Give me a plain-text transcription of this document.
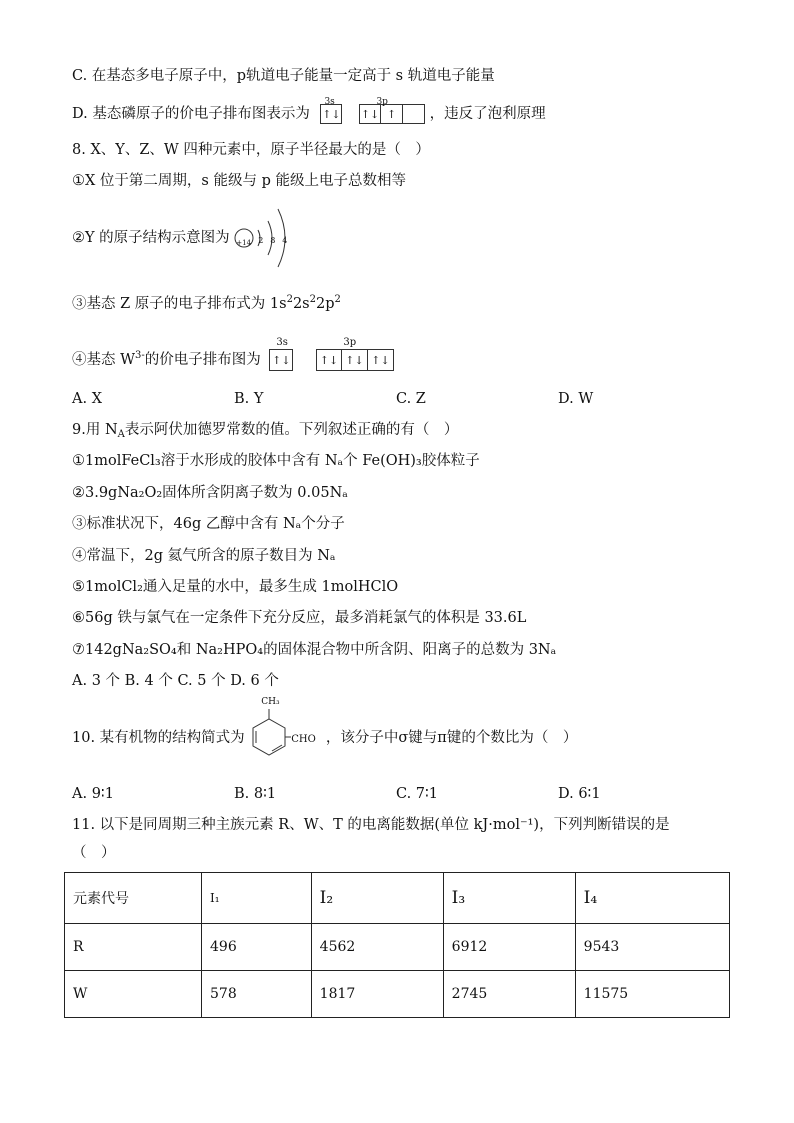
C. 在基态多电子原子中，p轨道电子能量一定高于 s 轨道电子能量
D. 基态磷原子的价电子排布图表示为
3s
↑↓
3p
↑↓ ↑	，违反了泡利原理
8. X、Y、Z、W 四种元素中，原子半径最大的是（　）
①X 位于第二周期，s 能级与 p 能级上电子总数相等
②Y 的原子结构示意图为 +14 2 8 4
③基态 Z 原子的电子排布式为 $1s^22s^22p^2$
④基态 $W^{3-}$的价电子排布图为
3s
↑↓
3p
↑↓ ↑↓ ↑↓
A. X	B. Y	C. Z	D. W
9.用 $N_A$表示阿伏加德罗常数的值。下列叙述正确的有（　）
①1molFeCl₃溶于水形成的胶体中含有 Nₐ个 Fe(OH)₃胶体粒子
②3.9gNa₂O₂固体所含阴离子数为 0.05Nₐ
③标准状况下，46g 乙醇中含有 Nₐ个分子
④常温下，2g 氦气所含的原子数目为 Nₐ
⑤1molCl₂通入足量的水中，最多生成 1molHClO
⑥56g 铁与氯气在一定条件下充分反应，最多消耗氯气的体积是 33.6L
⑦142gNa₂SO₄和 Na₂HPO₄的固体混合物中所含阴、阳离子的总数为 3Nₐ
A. 3 个 B. 4 个 C. 5 个 D. 6 个
10. 某有机物的结构简式为
CH₃
CHO ，该分子中σ键与π键的个数比为（　）
A. 9∶1	B. 8∶1	C. 7∶1	D. 6∶1
11. 以下是同周期三种主族元素 R、W、T 的电离能数据(单位 kJ·mol⁻¹)，下列判断错误的是
（　）
元素代号	I₁	I₂	I₃	I₄
R	496	4562	6912	9543
W	578	1817	2745	11575
